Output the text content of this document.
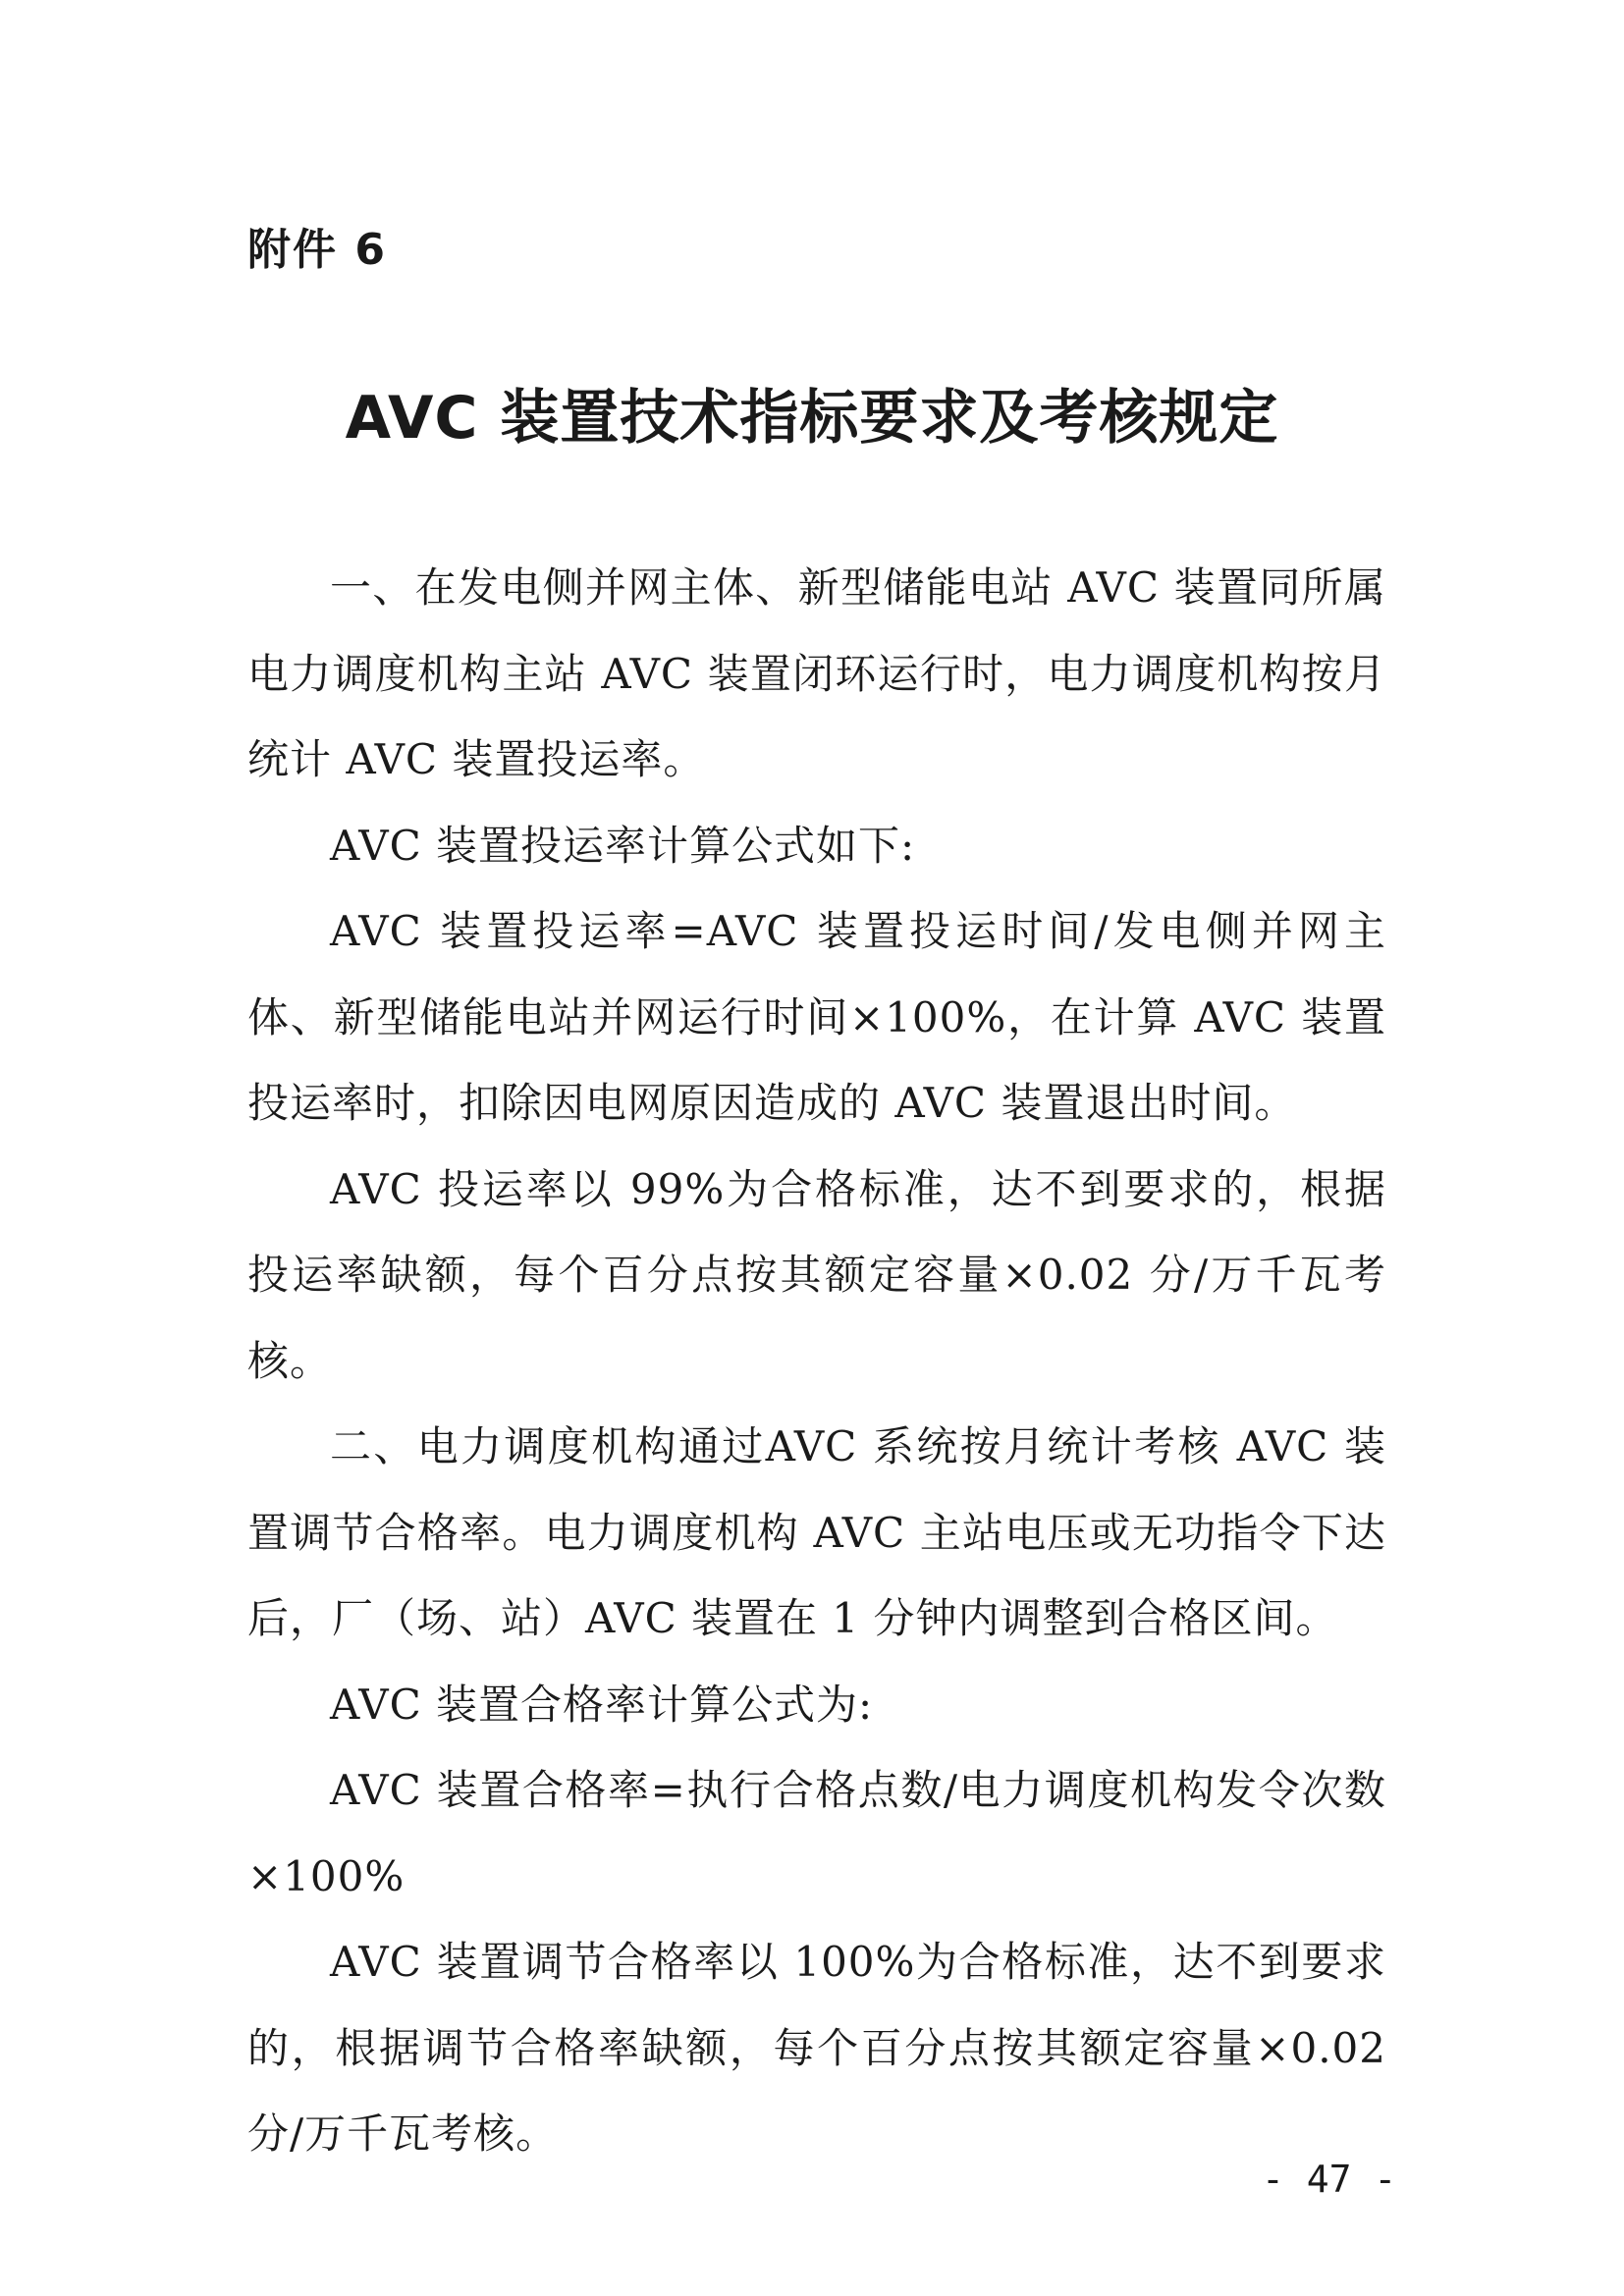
附件 6
AVC 装置技术指标要求及考核规定

一、在发电侧并网主体、新型储能电站 AVC 装置同所属电力调度机构主站 AVC 装置闭环运行时，电力调度机构按月统计 AVC 装置投运率。

AVC 装置投运率计算公式如下:

AVC 装置投运率=AVC 装置投运时间/发电侧并网主体、新型储能电站并网运行时间×100%，在计算 AVC 装置投运率时，扣除因电网原因造成的 AVC 装置退出时间。

AVC 投运率以 99%为合格标准，达不到要求的，根据投运率缺额，每个百分点按其额定容量×0.02 分/万千瓦考核。

二、电力调度机构通过AVC 系统按月统计考核 AVC 装置调节合格率。电力调度机构 AVC 主站电压或无功指令下达后，厂（场、站）AVC 装置在 1 分钟内调整到合格区间。

AVC 装置合格率计算公式为:

AVC 装置合格率=执行合格点数/电力调度机构发令次数×100%

AVC 装置调节合格率以 100%为合格标准，达不到要求的，根据调节合格率缺额，每个百分点按其额定容量×0.02 分/万千瓦考核。

- 47 -
